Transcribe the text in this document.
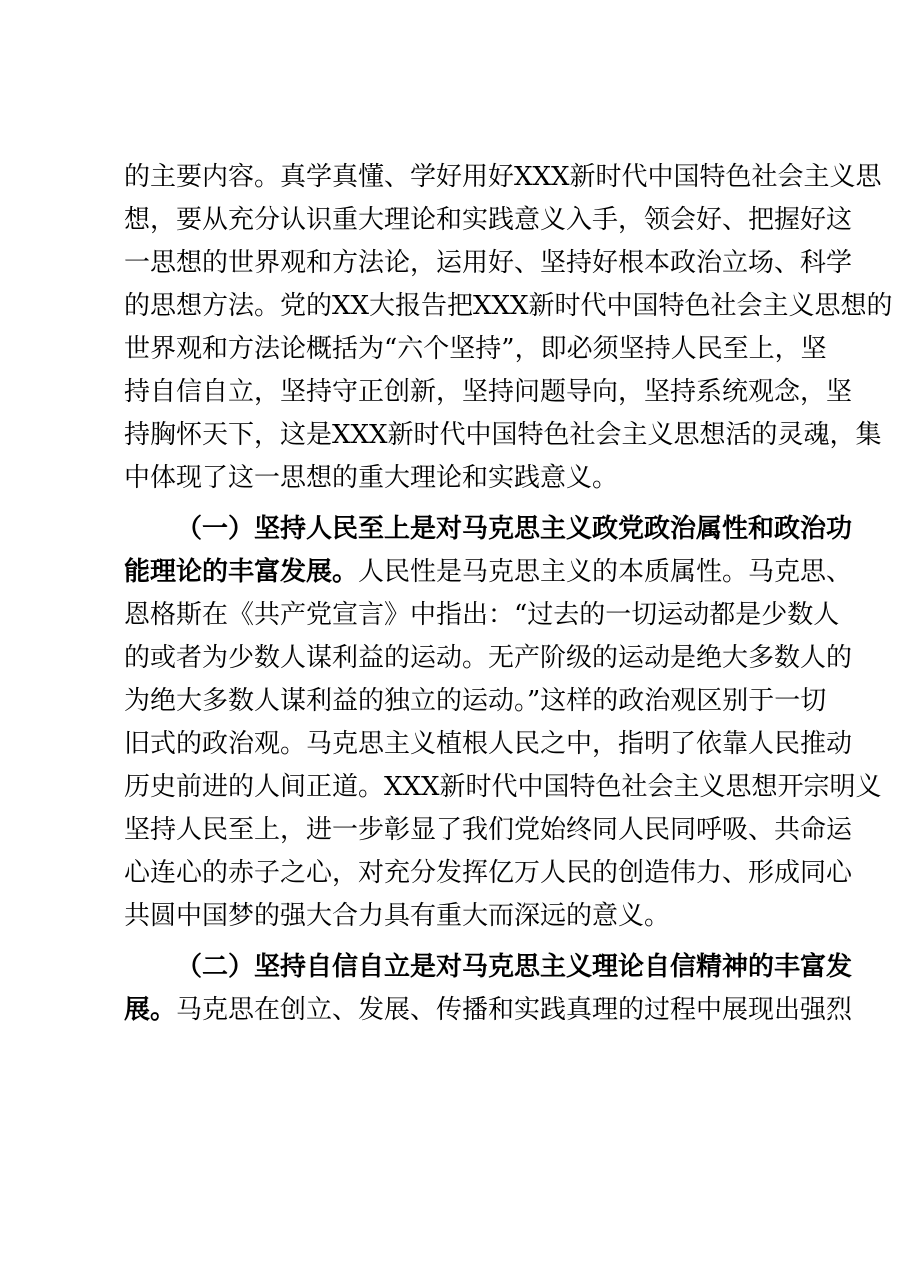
的主要内容。真学真懂、学好用好XXX新时代中国特色社会主义思
想，要从充分认识重大理论和实践意义入手，领会好、把握好这
一思想的世界观和方法论，运用好、坚持好根本政治立场、科学
的思想方法。党的XX大报告把XXX新时代中国特色社会主义思想的
世界观和方法论概括为“六个坚持”，即必须坚持人民至上，坚
持自信自立，坚持守正创新，坚持问题导向，坚持系统观念，坚
持胸怀天下，这是XXX新时代中国特色社会主义思想活的灵魂，集
中体现了这一思想的重大理论和实践意义。
（一）坚持人民至上是对马克思主义政党政治属性和政治功
能理论的丰富发展。人民性是马克思主义的本质属性。马克思、
恩格斯在《共产党宣言》中指出：“过去的一切运动都是少数人
的或者为少数人谋利益的运动。无产阶级的运动是绝大多数人的
为绝大多数人谋利益的独立的运动。”这样的政治观区别于一切
旧式的政治观。马克思主义植根人民之中，指明了依靠人民推动
历史前进的人间正道。XXX新时代中国特色社会主义思想开宗明义
坚持人民至上，进一步彰显了我们党始终同人民同呼吸、共命运
心连心的赤子之心，对充分发挥亿万人民的创造伟力、形成同心
共圆中国梦的强大合力具有重大而深远的意义。
（二）坚持自信自立是对马克思主义理论自信精神的丰富发
展。马克思在创立、发展、传播和实践真理的过程中展现出强烈
